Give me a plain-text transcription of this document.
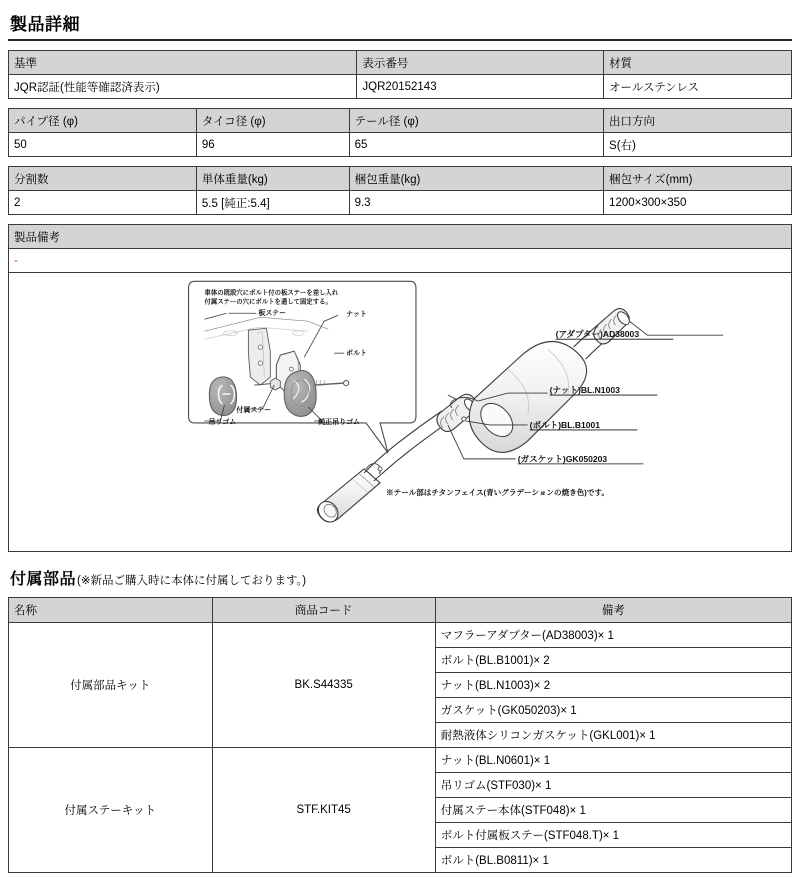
製品詳細
基準	表示番号	材質
JQR認証(性能等確認済表示)	JQR20152143	オールステンレス
パイプ径 (φ)	タイコ径 (φ)	テール径 (φ)	出口方向
50	96	65	S(右)
分割数	単体重量(kg)	梱包重量(kg)	梱包サイズ(mm)
2	5.5 [純正:5.4]	9.3	1200×300×350
製品備考
-
車体の既設穴にボルト付の板ステーを差し入れ
付属ステーの穴にボルトを通して固定する。
板ステー	ナット
ボルト
付属ステー
吊リゴム	純正吊りゴム
(アダプター)AD38003
(ナット)BL.N1003
(ボルト)BL.B1001
(ガスケット)GK050203
※テール部はチタンフェイス(青いグラデーションの焼き色)です。
付属部品 (※新品ご購入時に本体に付属しております。)
名称	商品コード	備考
付属部品キット	BK.S44335	マフラーアダプター(AD38003)× 1
		ボルト(BL.B1001)× 2
		ナット(BL.N1003)× 2
		ガスケット(GK050203)× 1
		耐熱液体シリコンガスケット(GKL001)× 1
付属ステーキット	STF.KIT45	ナット(BL.N0601)× 1
		吊リゴム(STF030)× 1
		付属ステー本体(STF048)× 1
		ボルト付属板ステー(STF048.T)× 1
		ボルト(BL.B0811)× 1
